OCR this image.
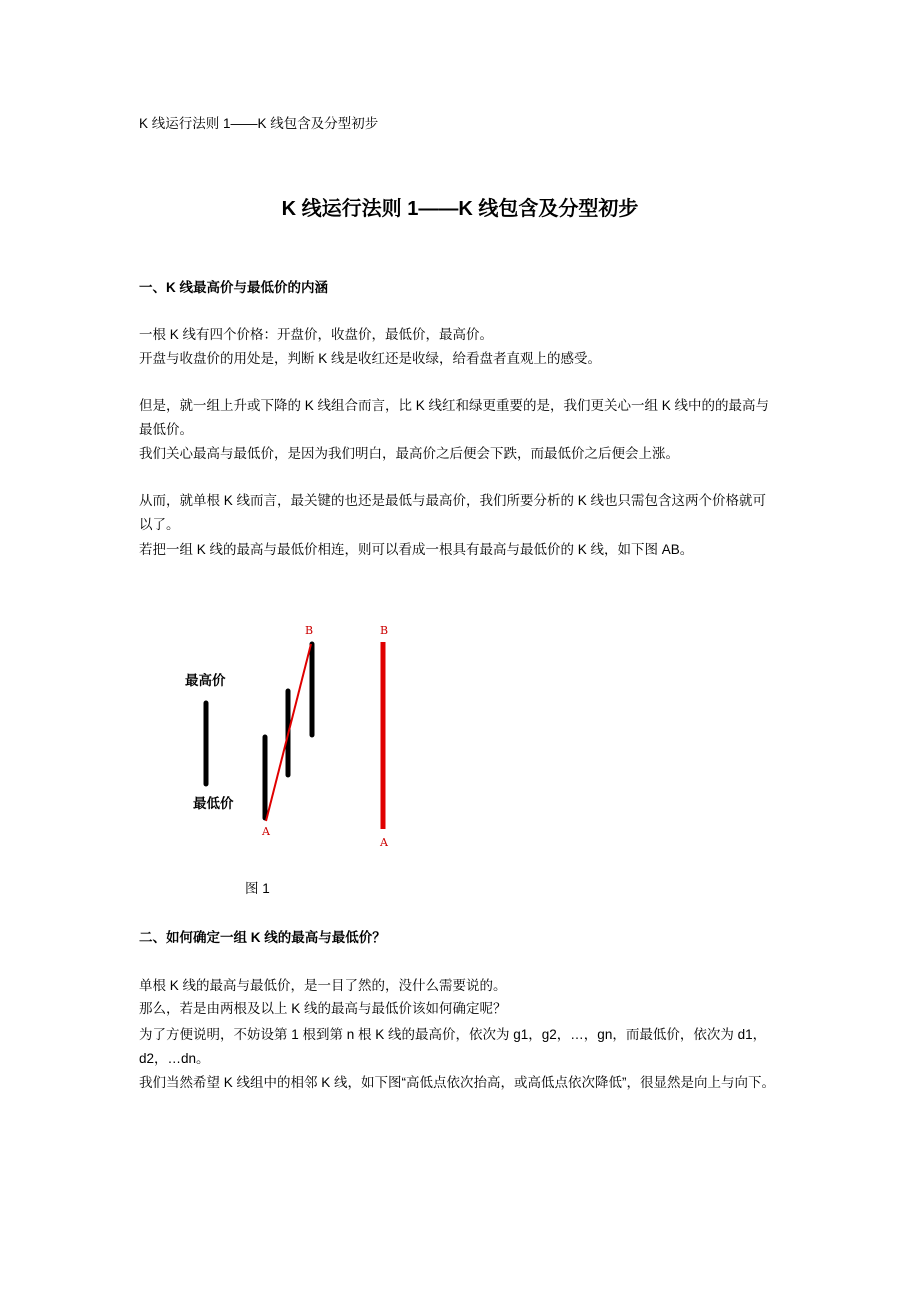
K 线运行法则 1——K 线包含及分型初步
K 线运行法则 1——K 线包含及分型初步
一、K 线最高价与最低价的内涵
一根 K 线有四个价格：开盘价，收盘价，最低价，最高价。
开盘与收盘价的用处是，判断 K 线是收红还是收绿，给看盘者直观上的感受。
但是，就一组上升或下降的 K 线组合而言，比 K 线红和绿更重要的是，我们更关心一组 K 线中的的最高与
最低价。
我们关心最高与最低价，是因为我们明白，最高价之后便会下跌，而最低价之后便会上涨。
从而，就单根 K 线而言，最关键的也还是最低与最高价，我们所要分析的 K 线也只需包含这两个价格就可
以了。
若把一组 K 线的最高与最低价相连，则可以看成一根具有最高与最低价的 K 线，如下图 AB。
最高价
最低价
A
B	B
A
图 1
二、如何确定一组 K 线的最高与最低价？
单根 K 线的最高与最低价，是一目了然的，没什么需要说的。
那么，若是由两根及以上 K 线的最高与最低价该如何确定呢？
为了方便说明，不妨设第 1 根到第 n 根 K 线的最高价，依次为 g1，g2，…，gn，而最低价，依次为 d1，
d2，…dn。
我们当然希望 K 线组中的相邻 K 线，如下图“高低点依次抬高，或高低点依次降低”，很显然是向上与向下。
